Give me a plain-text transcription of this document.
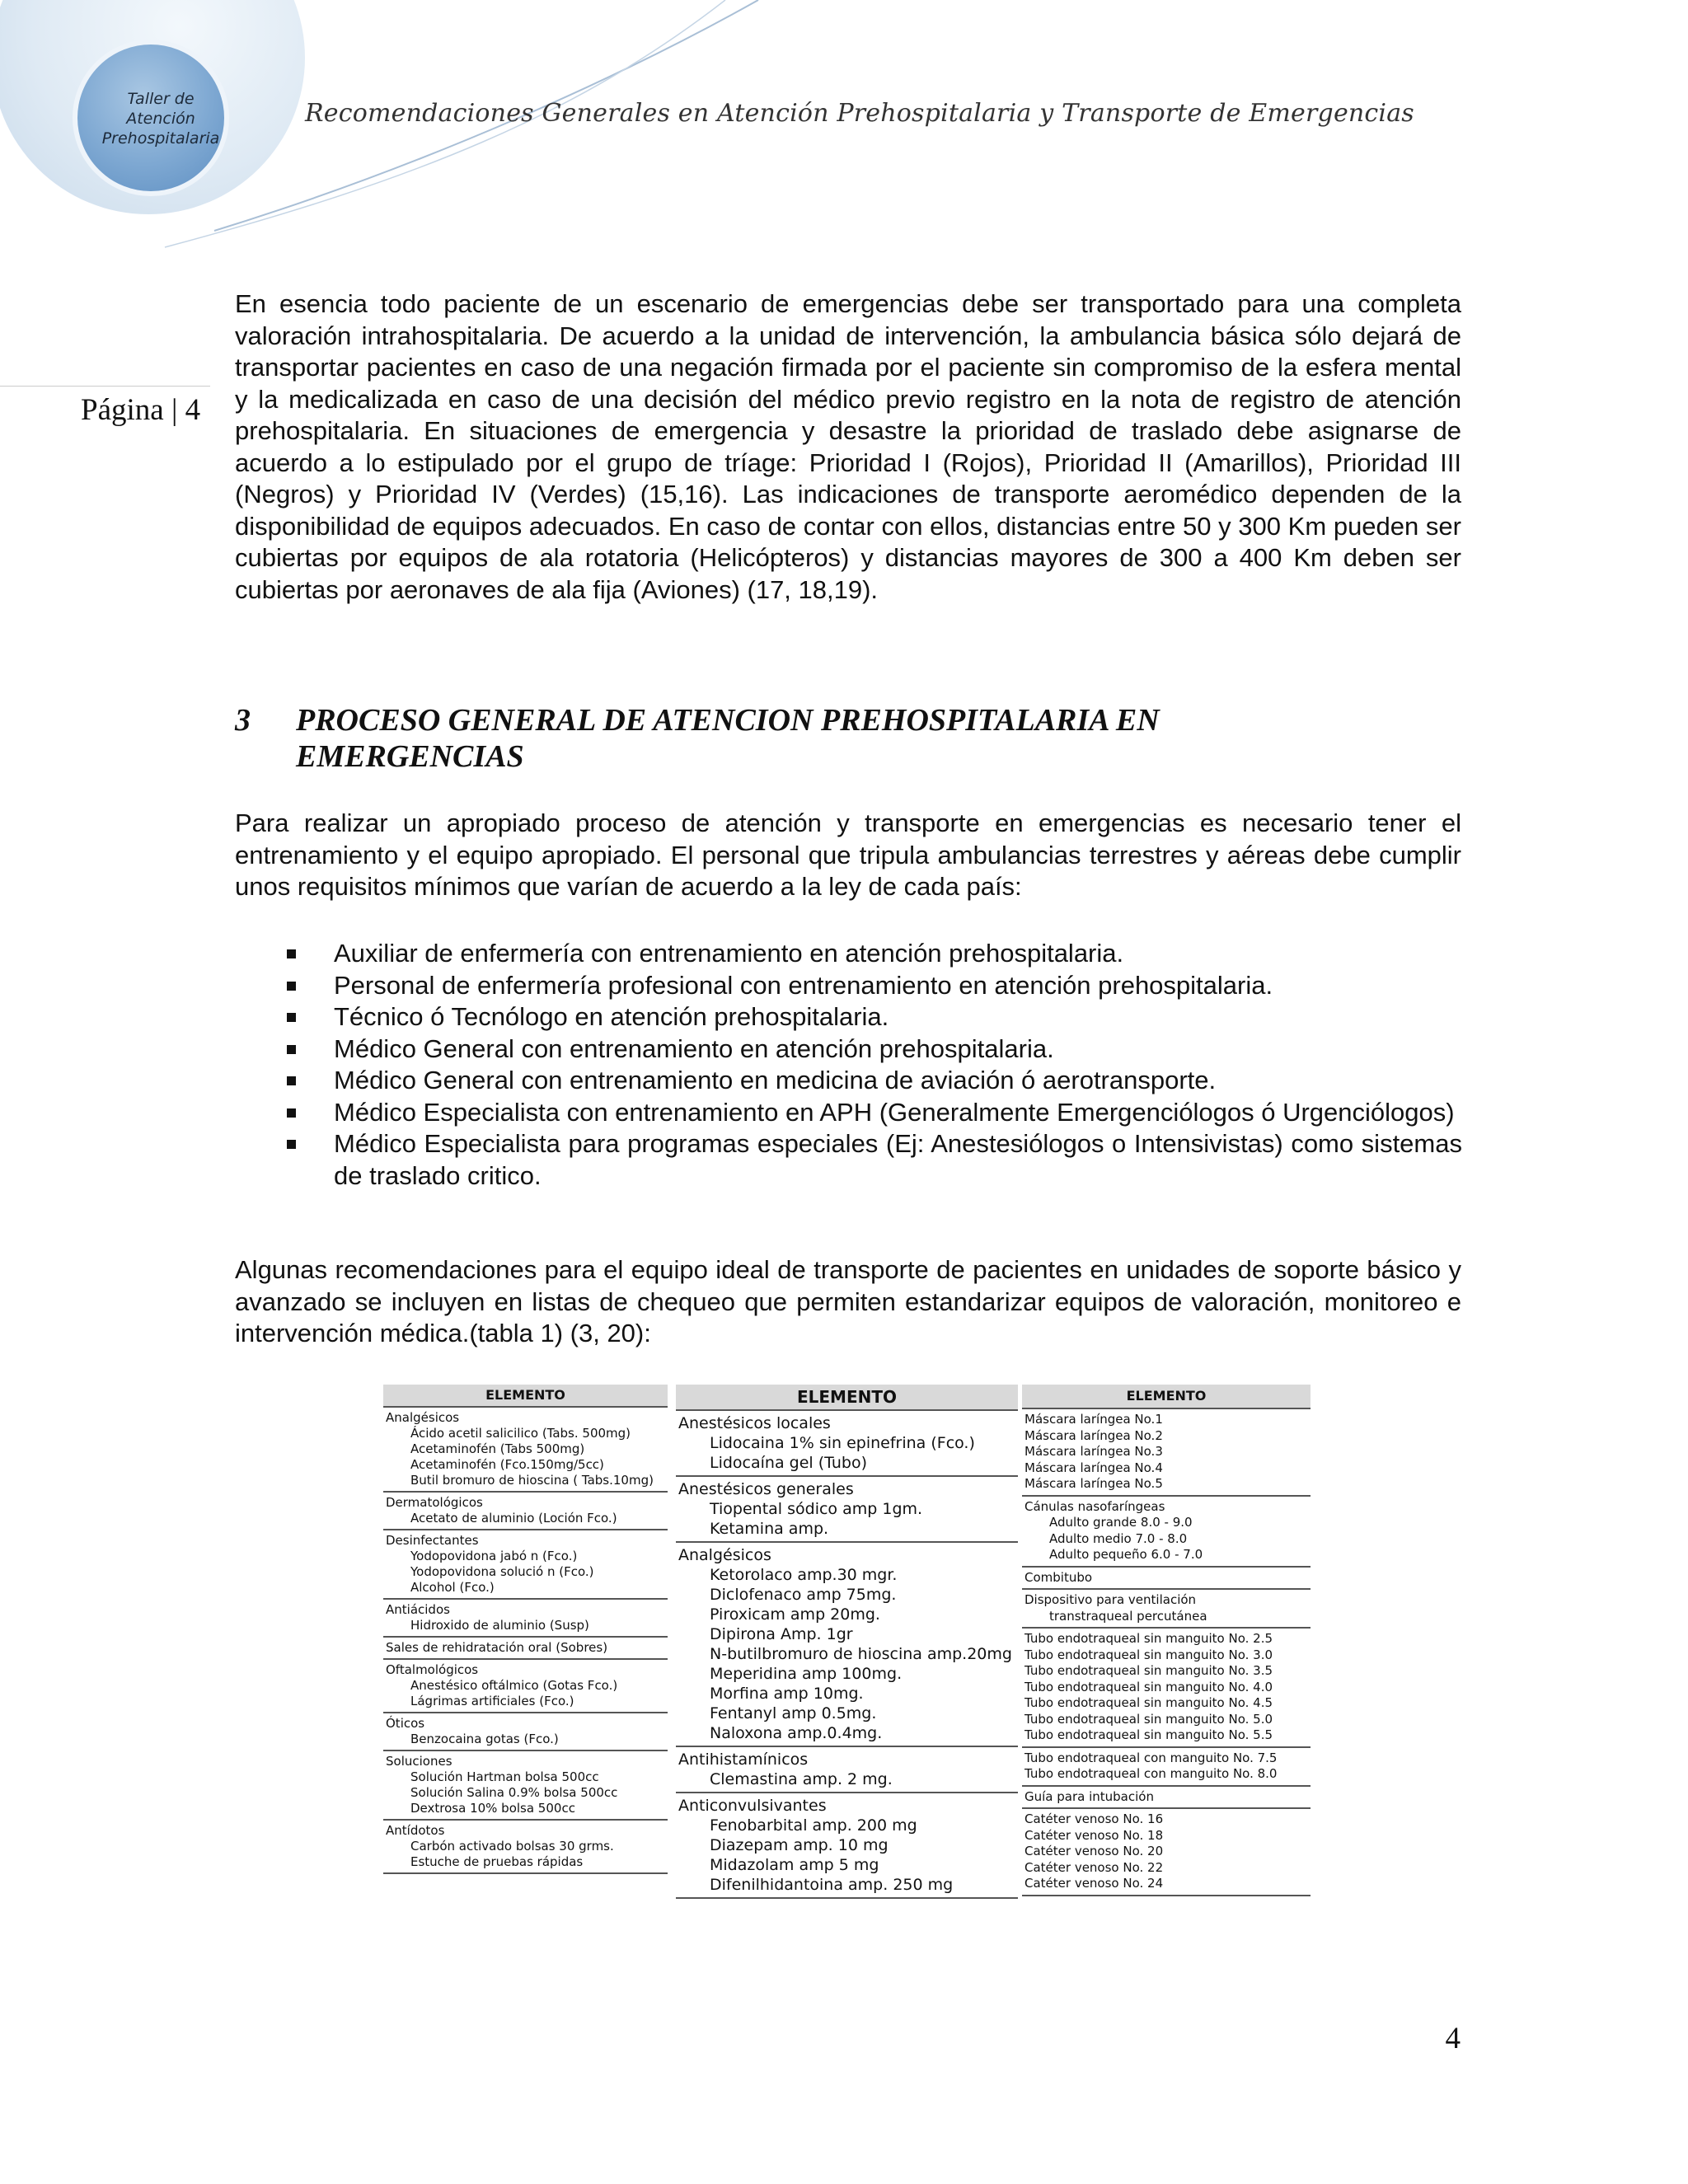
Taller de
Atención
Prehospitalaria
Recomendaciones Generales en Atención Prehospitalaria y Transporte de Emergencias
Página | 4

En esencia todo paciente de un escenario de emergencias debe ser transportado para una completa valoración intrahospitalaria. De acuerdo a la unidad de intervención, la ambulancia básica sólo dejará de transportar pacientes en caso de una negación firmada por el paciente sin compromiso de la esfera mental y la medicalizada en caso de una decisión del médico previo registro en la nota de registro de atención prehospitalaria. En situaciones de emergencia y desastre la prioridad de traslado debe asignarse de acuerdo a lo estipulado por el grupo de tríage: Prioridad I (Rojos), Prioridad II (Amarillos), Prioridad III (Negros) y Prioridad IV (Verdes) (15,16). Las indicaciones de transporte aeromédico dependen de la disponibilidad de equipos adecuados. En caso de contar con ellos, distancias entre 50 y 300 Km pueden ser cubiertas por equipos de ala rotatoria (Helicópteros) y distancias mayores de 300 a 400 Km deben ser cubiertas por aeronaves de ala fija (Aviones) (17, 18,19).

3 PROCESO GENERAL DE ATENCION PREHOSPITALARIA EN EMERGENCIAS

Para realizar un apropiado proceso de atención y transporte en emergencias es necesario tener el entrenamiento y el equipo apropiado. El personal que tripula ambulancias terrestres y aéreas debe cumplir unos requisitos mínimos que varían de acuerdo a la ley de cada país:

Auxiliar de enfermería con entrenamiento en atención prehospitalaria.
Personal de enfermería profesional con entrenamiento en atención prehospitalaria.
Técnico ó Tecnólogo en atención prehospitalaria.
Médico General con entrenamiento en atención prehospitalaria.
Médico General con entrenamiento en medicina de aviación ó aerotransporte.
Médico Especialista con entrenamiento en APH (Generalmente Emergenciólogos ó Urgenciólogos)
Médico Especialista para programas especiales (Ej: Anestesiólogos o Intensivistas) como sistemas de traslado critico.

Algunas recomendaciones para el equipo ideal de transporte de pacientes en unidades de soporte básico y avanzado se incluyen en listas de chequeo que permiten estandarizar equipos de valoración, monitoreo e intervención médica.(tabla 1) (3, 20):

ELEMENTO
Analgésicos
Ácido acetil salicilico (Tabs. 500mg)
Acetaminofén (Tabs 500mg)
Acetaminofén (Fco.150mg/5cc)
Butil bromuro de hioscina ( Tabs.10mg)
Dermatológicos
Acetato de aluminio (Loción Fco.)
Desinfectantes
Yodopovidona jabó n (Fco.)
Yodopovidona solució n (Fco.)
Alcohol (Fco.)
Antiácidos
Hidroxido de aluminio (Susp)
Sales de rehidratación oral (Sobres)
Oftalmológicos
Anestésico oftálmico (Gotas Fco.)
Lágrimas artificiales (Fco.)
Óticos
Benzocaina gotas (Fco.)
Soluciones
Solución Hartman bolsa 500cc
Solución Salina 0.9% bolsa 500cc
Dextrosa 10% bolsa 500cc
Antídotos
Carbón activado bolsas 30 grms.
Estuche de pruebas rápidas
ELEMENTO
Anestésicos locales
Lidocaina 1% sin epinefrina (Fco.)
Lidocaína gel (Tubo)
Anestésicos generales
Tiopental sódico amp 1gm.
Ketamina amp.
Analgésicos
Ketorolaco amp.30 mgr.
Diclofenaco amp 75mg.
Piroxicam amp 20mg.
Dipirona Amp. 1gr
N-butilbromuro de hioscina amp.20mg
Meperidina amp 100mg.
Morfina amp 10mg.
Fentanyl amp 0.5mg.
Naloxona amp.0.4mg.
Antihistamínicos
Clemastina amp. 2 mg.
Anticonvulsivantes
Fenobarbital amp. 200 mg
Diazepam amp. 10 mg
Midazolam amp 5 mg
Difenilhidantoina amp. 250 mg
ELEMENTO
Máscara laríngea No.1
Máscara laríngea No.2
Máscara laríngea No.3
Máscara laríngea No.4
Máscara laríngea No.5
Cánulas nasofaríngeas
Adulto grande 8.0 - 9.0
Adulto medio 7.0 - 8.0
Adulto pequeño 6.0 - 7.0
Combitubo
Dispositivo para ventilación
transtraqueal percutánea
Tubo endotraqueal sin manguito No. 2.5
Tubo endotraqueal sin manguito No. 3.0
Tubo endotraqueal sin manguito No. 3.5
Tubo endotraqueal sin manguito No. 4.0
Tubo endotraqueal sin manguito No. 4.5
Tubo endotraqueal sin manguito No. 5.0
Tubo endotraqueal sin manguito No. 5.5
Tubo endotraqueal con manguito No. 7.5
Tubo endotraqueal con manguito No. 8.0
Guía para intubación
Catéter venoso No. 16
Catéter venoso No. 18
Catéter venoso No. 20
Catéter venoso No. 22
Catéter venoso No. 24
4
